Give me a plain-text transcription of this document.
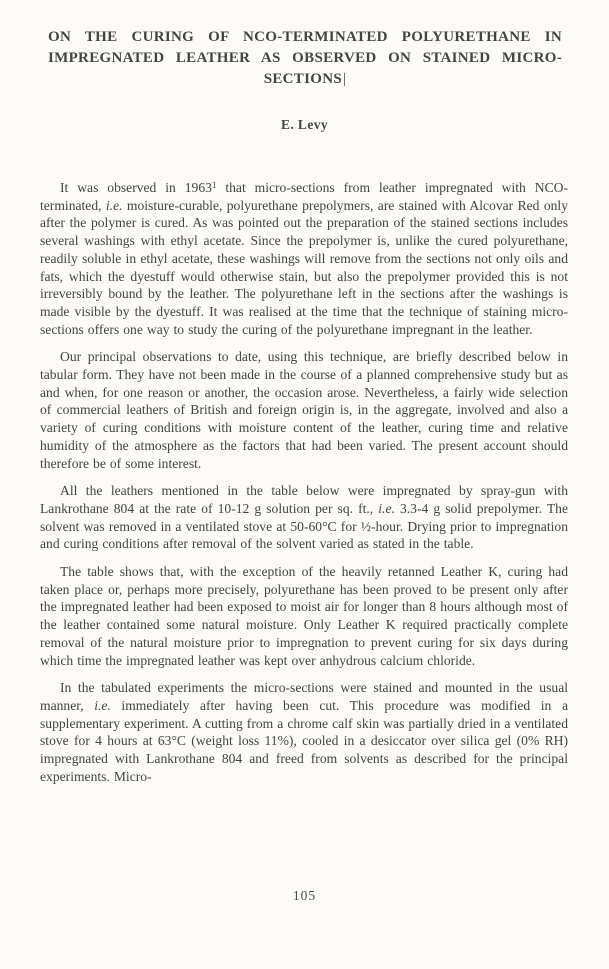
ON THE CURING OF NCO-TERMINATED POLYURETHANE IN
IMPREGNATED LEATHER AS OBSERVED ON STAINED MICRO-
SECTIONS|
E. Levy

It was observed in 1963$^1$ that micro-sections from leather impregnated with NCO-terminated, i.e. moisture-curable, polyurethane prepolymers, are stained with Alcovar Red only after the polymer is cured. As was pointed out the preparation of the stained sections includes several washings with ethyl acetate. Since the prepolymer is, unlike the cured polyurethane, readily soluble in ethyl acetate, these washings will remove from the sections not only oils and fats, which the dyestuff would otherwise stain, but also the prepolymer provided this is not irreversibly bound by the leather. The polyurethane left in the sections after the washings is made visible by the dyestuff. It was realised at the time that the technique of staining micro-sections offers one way to study the curing of the polyurethane impregnant in the leather.

Our principal observations to date, using this technique, are briefly described below in tabular form. They have not been made in the course of a planned comprehensive study but as and when, for one reason or another, the occasion arose. Nevertheless, a fairly wide selection of commercial leathers of British and foreign origin is, in the aggregate, involved and also a variety of curing conditions with moisture content of the leather, curing time and relative humidity of the atmosphere as the factors that had been varied. The present account should therefore be of some interest.

All the leathers mentioned in the table below were impregnated by spray-gun with Lankrothane 804 at the rate of 10-12 g solution per sq. ft., i.e. 3.3-4 g solid prepolymer. The solvent was removed in a ventilated stove at 50-60°C for ½-hour. Drying prior to impregnation and curing conditions after removal of the solvent varied as stated in the table.

The table shows that, with the exception of the heavily retanned Leather K, curing had taken place or, perhaps more precisely, polyurethane has been proved to be present only after the impregnated leather had been exposed to moist air for longer than 8 hours although most of the leather contained some natural moisture. Only Leather K required practically complete removal of the natural moisture prior to impregnation to prevent curing for six days during which time the impregnated leather was kept over anhydrous calcium chloride.

In the tabulated experiments the micro-sections were stained and mounted in the usual manner, i.e. immediately after having been cut. This procedure was modified in a supplementary experiment. A cutting from a chrome calf skin was partially dried in a ventilated stove for 4 hours at 63°C (weight loss 11%), cooled in a desiccator over silica gel (0% RH) impregnated with Lankrothane 804 and freed from solvents as described for the principal experiments. Micro-

105
